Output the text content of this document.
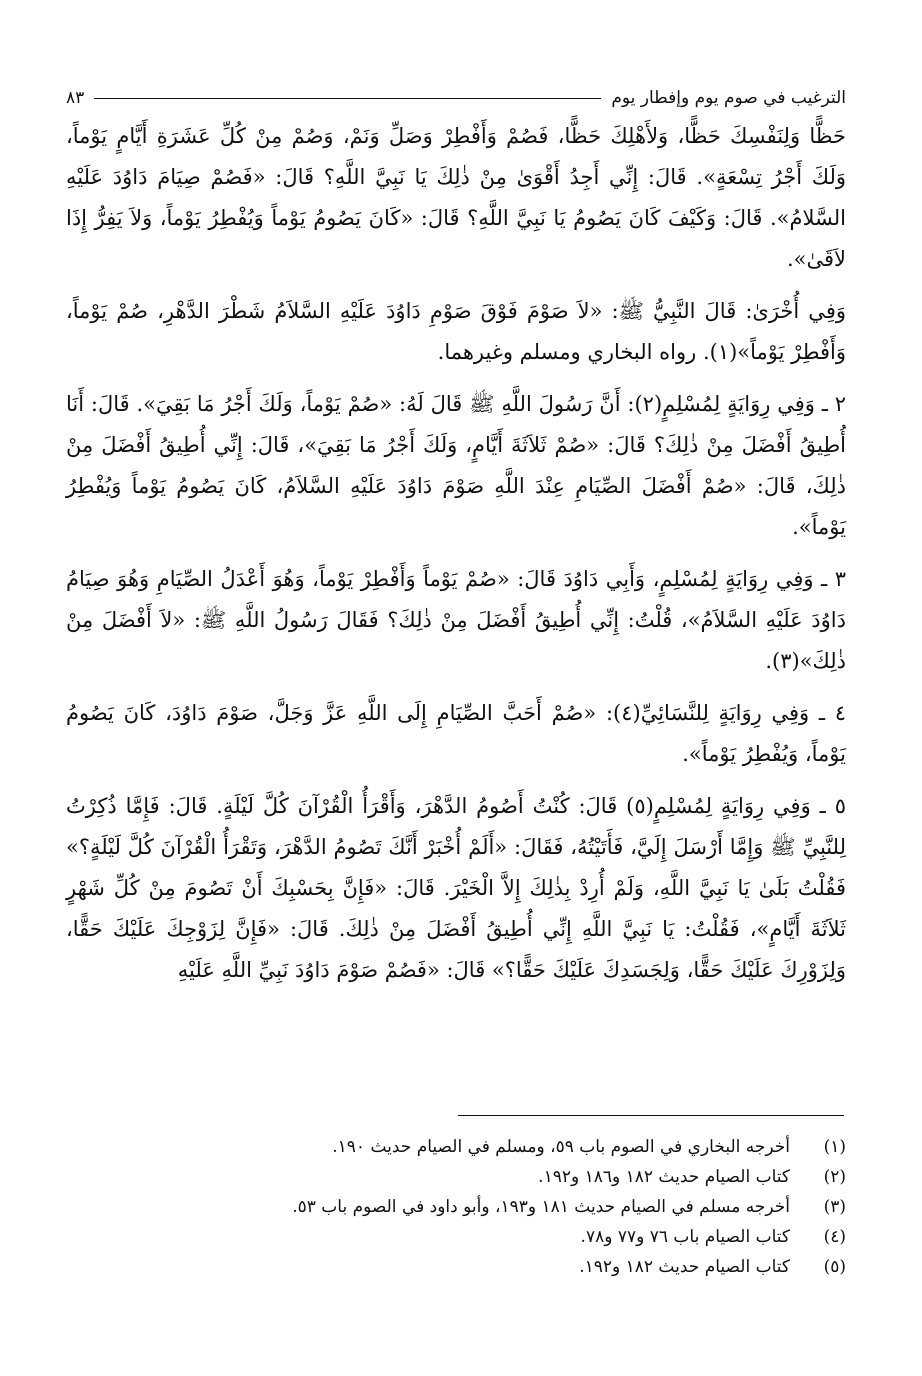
الترغيب في صوم يوم وإفطار يوم
٨٣

حَظًّا وَلِنَفْسِكَ حَظًّا، وَلأَهْلِكَ حَظًّا، فَصُمْ وَأَفْطِرْ وَصَلِّ وَنَمْ، وَصُمْ مِنْ كُلِّ عَشَرَةِ أَيَّامٍ يَوْماً، وَلَكَ أَجْرُ تِسْعَةٍ». قَالَ: إِنِّي أَجِدُ أَقْوَىٰ مِنْ ذٰلِكَ يَا نَبِيَّ اللَّهِ؟ قَالَ: «فَصُمْ صِيَامَ دَاوُدَ عَلَيْهِ السَّلامُ». قَالَ: وَكَيْفَ كَانَ يَصُومُ يَا نَبِيَّ اللَّهِ؟ قَالَ: «كَانَ يَصُومُ يَوْماً وَيُفْطِرُ يَوْماً، وَلاَ يَفِرُّ إِذَا لاَقَىٰ».

وَفِي أُخْرَىٰ: قَالَ النَّبِيُّ ﷺ: «لاَ صَوْمَ فَوْقَ صَوْمِ دَاوُدَ عَلَيْهِ السَّلاَمُ شَطْرَ الدَّهْرِ، صُمْ يَوْماً، وَأَفْطِرْ يَوْماً»(١). رواه البخاري ومسلم وغيرهما.

٢ ـ وَفِي رِوَايَةٍ لِمُسْلِمٍ(٢): أَنَّ رَسُولَ اللَّهِ ﷺ قَالَ لَهُ: «صُمْ يَوْماً، وَلَكَ أَجْرُ مَا بَقِيَ». قَالَ: أَنَا أُطِيقُ أَفْضَلَ مِنْ ذٰلِكَ؟ قَالَ: «صُمْ ثَلاَثَةَ أَيَّامٍ، وَلَكَ أَجْرُ مَا بَقِيَ»، قَالَ: إِنِّي أُطِيقُ أَفْضَلَ مِنْ ذٰلِكَ، قَالَ: «صُمْ أَفْضَلَ الصِّيَامِ عِنْدَ اللَّهِ صَوْمَ دَاوُدَ عَلَيْهِ السَّلاَمُ، كَانَ يَصُومُ يَوْماً وَيُفْطِرُ يَوْماً».

٣ ـ وَفِي رِوَايَةٍ لِمُسْلِمٍ، وَأَبِي دَاوُدَ قَالَ: «صُمْ يَوْماً وَأَفْطِرْ يَوْماً، وَهُوَ أَعْدَلُ الصِّيَامِ وَهُوَ صِيَامُ دَاوُدَ عَلَيْهِ السَّلاَمُ»، قُلْتُ: إِنِّي أُطِيقُ أَفْضَلَ مِنْ ذٰلِكَ؟ فَقَالَ رَسُولُ اللَّهِ ﷺ: «لاَ أَفْضَلَ مِنْ ذٰلِكَ»(٣).

٤ ـ وَفِي رِوَايَةٍ لِلنَّسَائِيِّ(٤): «صُمْ أَحَبَّ الصِّيَامِ إِلَى اللَّهِ عَزَّ وَجَلَّ، صَوْمَ دَاوُدَ، كَانَ يَصُومُ يَوْماً، وَيُفْطِرُ يَوْماً».

٥ ـ وَفِي رِوَايَةٍ لِمُسْلِمٍ(٥) قَالَ: كُنْتُ أَصُومُ الدَّهْرَ، وَأَقْرَأُ الْقُرْآنَ كُلَّ لَيْلَةٍ. قَالَ: فَإِمَّا ذُكِرْتُ لِلنَّبِيِّ ﷺ وَإِمَّا أَرْسَلَ إِلَيَّ، فَأَتَيْتُهُ، فَقَالَ: «أَلَمْ أُخْبَرْ أَنَّكَ تَصُومُ الدَّهْرَ، وَتَقْرَأُ الْقُرْآنَ كُلَّ لَيْلَةٍ؟» فَقُلْتُ بَلَىٰ يَا نَبِيَّ اللَّهِ، وَلَمْ أُرِدْ بِذٰلِكَ إِلاَّ الْخَيْرَ. قَالَ: «فَإِنَّ بِحَسْبِكَ أَنْ تَصُومَ مِنْ كُلِّ شَهْرٍ ثَلاَثَةَ أَيَّامٍ»، فَقُلْتُ: يَا نَبِيَّ اللَّهِ إِنِّي أُطِيقُ أَفْضَلَ مِنْ ذٰلِكَ. قَالَ: «فَإِنَّ لِزَوْجِكَ عَلَيْكَ حَقًّا، وَلِزَوْرِكَ عَلَيْكَ حَقًّا، وَلِجَسَدِكَ عَلَيْكَ حَقًّا؟» قَالَ: «فَصُمْ صَوْمَ دَاوُدَ نَبِيِّ اللَّهِ عَلَيْهِ

(١)
أخرجه البخاري في الصوم باب ٥٩، ومسلم في الصيام حديث ١٩٠.
(٢)
كتاب الصيام حديث ١٨٢ و١٨٦ و١٩٢.
(٣)
أخرجه مسلم في الصيام حديث ١٨١ و١٩٣، وأبو داود في الصوم باب ٥٣.
(٤)
كتاب الصيام باب ٧٦ و٧٧ و٧٨.
(٥)
كتاب الصيام حديث ١٨٢ و١٩٢.
